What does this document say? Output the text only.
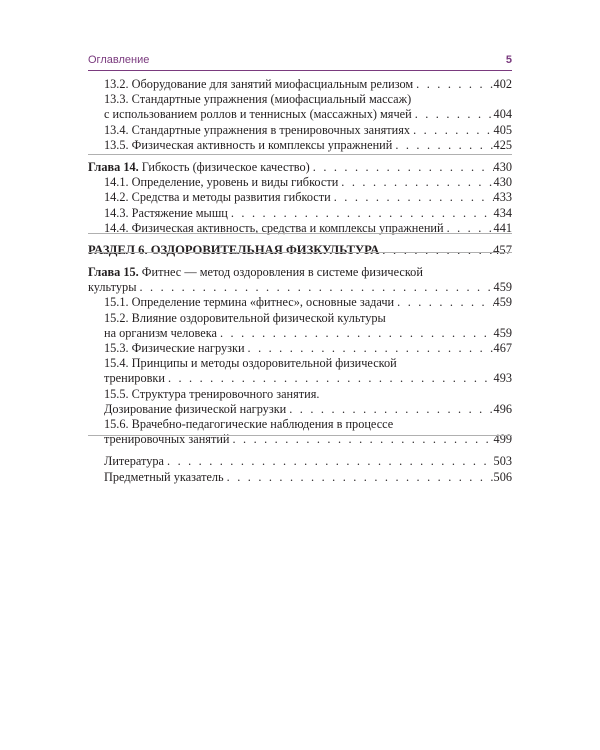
Оглавление	5
13.2. Оборудование для занятий миофасциальным релизом . . .	402
13.3. Стандартные упражнения (миофасциальный массаж)
с использованием роллов и теннисных (массажных) мячей . . .	404
13.4. Стандартные упражнения в тренировочных занятиях . . .	405
13.5. Физическая активность и комплексы упражнений . . .	425
Глава 14. Гибкость (физическое качество) . . .	430
14.1. Определение, уровень и виды гибкости . . .	430
14.2. Средства и методы развития гибкости . . .	433
14.3. Растяжение мышц . . .	434
14.4. Физическая активность, средства и комплексы упражнений . . .	441
РАЗДЕЛ 6. ОЗДОРОВИТЕЛЬНАЯ ФИЗКУЛЬТУРА . . .	457
Глава 15. Фитнес — метод оздоровления в системе физической
культуры . . .	459
15.1. Определение термина «фитнес», основные задачи . . .	459
15.2. Влияние оздоровительной физической культуры
на организм человека . . .	459
15.3. Физические нагрузки . . .	467
15.4. Принципы и методы оздоровительной физической
тренировки . . .	493
15.5. Структура тренировочного занятия.
Дозирование физической нагрузки . . .	496
15.6. Врачебно-педагогические наблюдения в процессе
тренировочных занятий . . .	499
Литература . . .	503
Предметный указатель . . .	506
